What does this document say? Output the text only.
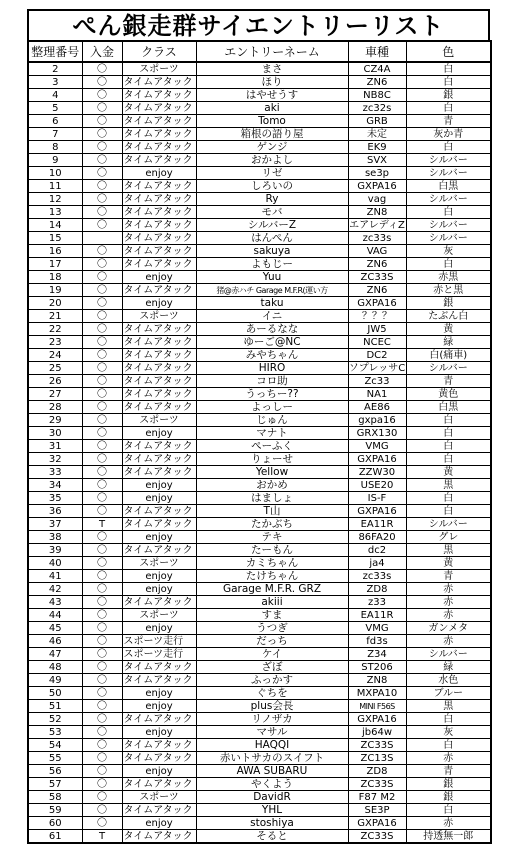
ぺん銀走群サイエントリーリスト
整理番号	入金	クラス	エントリーネーム	車種	色
2	〇	スポーツ	まさ	CZ4A	白
3	〇	タイムアタック	ほり	ZN6	白
4	〇	タイムアタック	はやせうす	NB8C	銀
5	〇	タイムアタック	aki	zc32s	白
6	〇	タイムアタック	Tomo	GRB	青
7	〇	タイムアタック	箱根の語り屋	未定	灰か青
8	〇	タイムアタック	ゲンジ	EK9	白
9	〇	タイムアタック	おかよし	SVX	シルバー
10	〇	enjoy	リゼ	se3p	シルバー
11	〇	タイムアタック	しろいの	GXPA16	白黒
12	〇	タイムアタック	Ry	vag	シルバー
13	〇	タイムアタック	モバ	ZN8	白
14	〇	タイムアタック	シルバーZ	エアレディZ	シルバー
15		タイムアタック	はんぺん	zc33s	シルバー
16	〇	タイムアタック	sakuya	VAG	灰
17	〇	タイムアタック	よもじー	ZN6	白
18	〇	enjoy	Yuu	ZC33S	赤黒
19	〇	タイムアタック	猪@赤ハチ Garage M.F.R(運い方	ZN6	赤と黒
20	〇	enjoy	taku	GXPA16	銀
21	〇	スポーツ	イニ	？？？	たぶん白
22	〇	タイムアタック	あーるなな	JW5	黄
23	〇	タイムアタック	ゆーご@NC	NCEC	緑
24	〇	タイムアタック	みやちゃん	DC2	白(痛車)
25	〇	タイムアタック	HIRO	ソプレッサC	シルバー
26	〇	タイムアタック	コロ助	Zc33	青
27	〇	タイムアタック	うっちー??	NA1	黄色
28	〇	タイムアタック	よっしー	AE86	白黒
29	〇	スポーツ	じゅん	gxpa16	白
30	〇	enjoy	マナト	GRX130	白
31	〇	タイムアタック	ぺーふく	VMG	白
32	〇	タイムアタック	りょーせ	GXPA16	白
33	〇	タイムアタック	Yellow	ZZW30	黄
34	〇	enjoy	おかめ	USE20	黒
35	〇	enjoy	はましょ	IS-F	白
36	〇	タイムアタック	T山	GXPA16	白
37	T	タイムアタック	たかぶち	EA11R	シルバー
38	〇	enjoy	テキ	86FA20	グレ
39	〇	タイムアタック	たーもん	dc2	黒
40	〇	スポーツ	カミちゃん	ja4	黄
41	〇	enjoy	たけちゃん	zc33s	青
42	〇	enjoy	Garage M.F.R. GRZ	ZD8	赤
43	〇	タイムアタック	akiii	z33	赤
44	〇	スポーツ	すま	EA11R	赤
45	〇	enjoy	うつぎ	VMG	ガンメタ
46	〇	スポーツ走行	だっち	fd3s	赤
47	〇	スポーツ走行	ケイ	Z34	シルバー
48	〇	タイムアタック	ざぼ	ST206	緑
49	〇	タイムアタック	ふっかす	ZN8	水色
50	〇	enjoy	ぐちを	MXPA10	ブルー
51	〇	enjoy	plus会長	MINI F56S	黒
52	〇	タイムアタック	リノザカ	GXPA16	白
53	〇	enjoy	マサル	jb64w	灰
54	〇	タイムアタック	HAQQI	ZC33S	白
55	〇	タイムアタック	赤いトサカのスイフト	ZC13S	赤
56	〇	enjoy	AWA SUBARU	ZD8	青
57	〇	タイムアタック	やくよう	ZC33S	銀
58	〇	スポーツ	DavidR	F87 M2	銀
59	〇	タイムアタック	YHL	SE3P	白
60	〇	enjoy	stoshiya	GXPA16	赤
61	T	タイムアタック	そると	ZC33S	持透無一郎
